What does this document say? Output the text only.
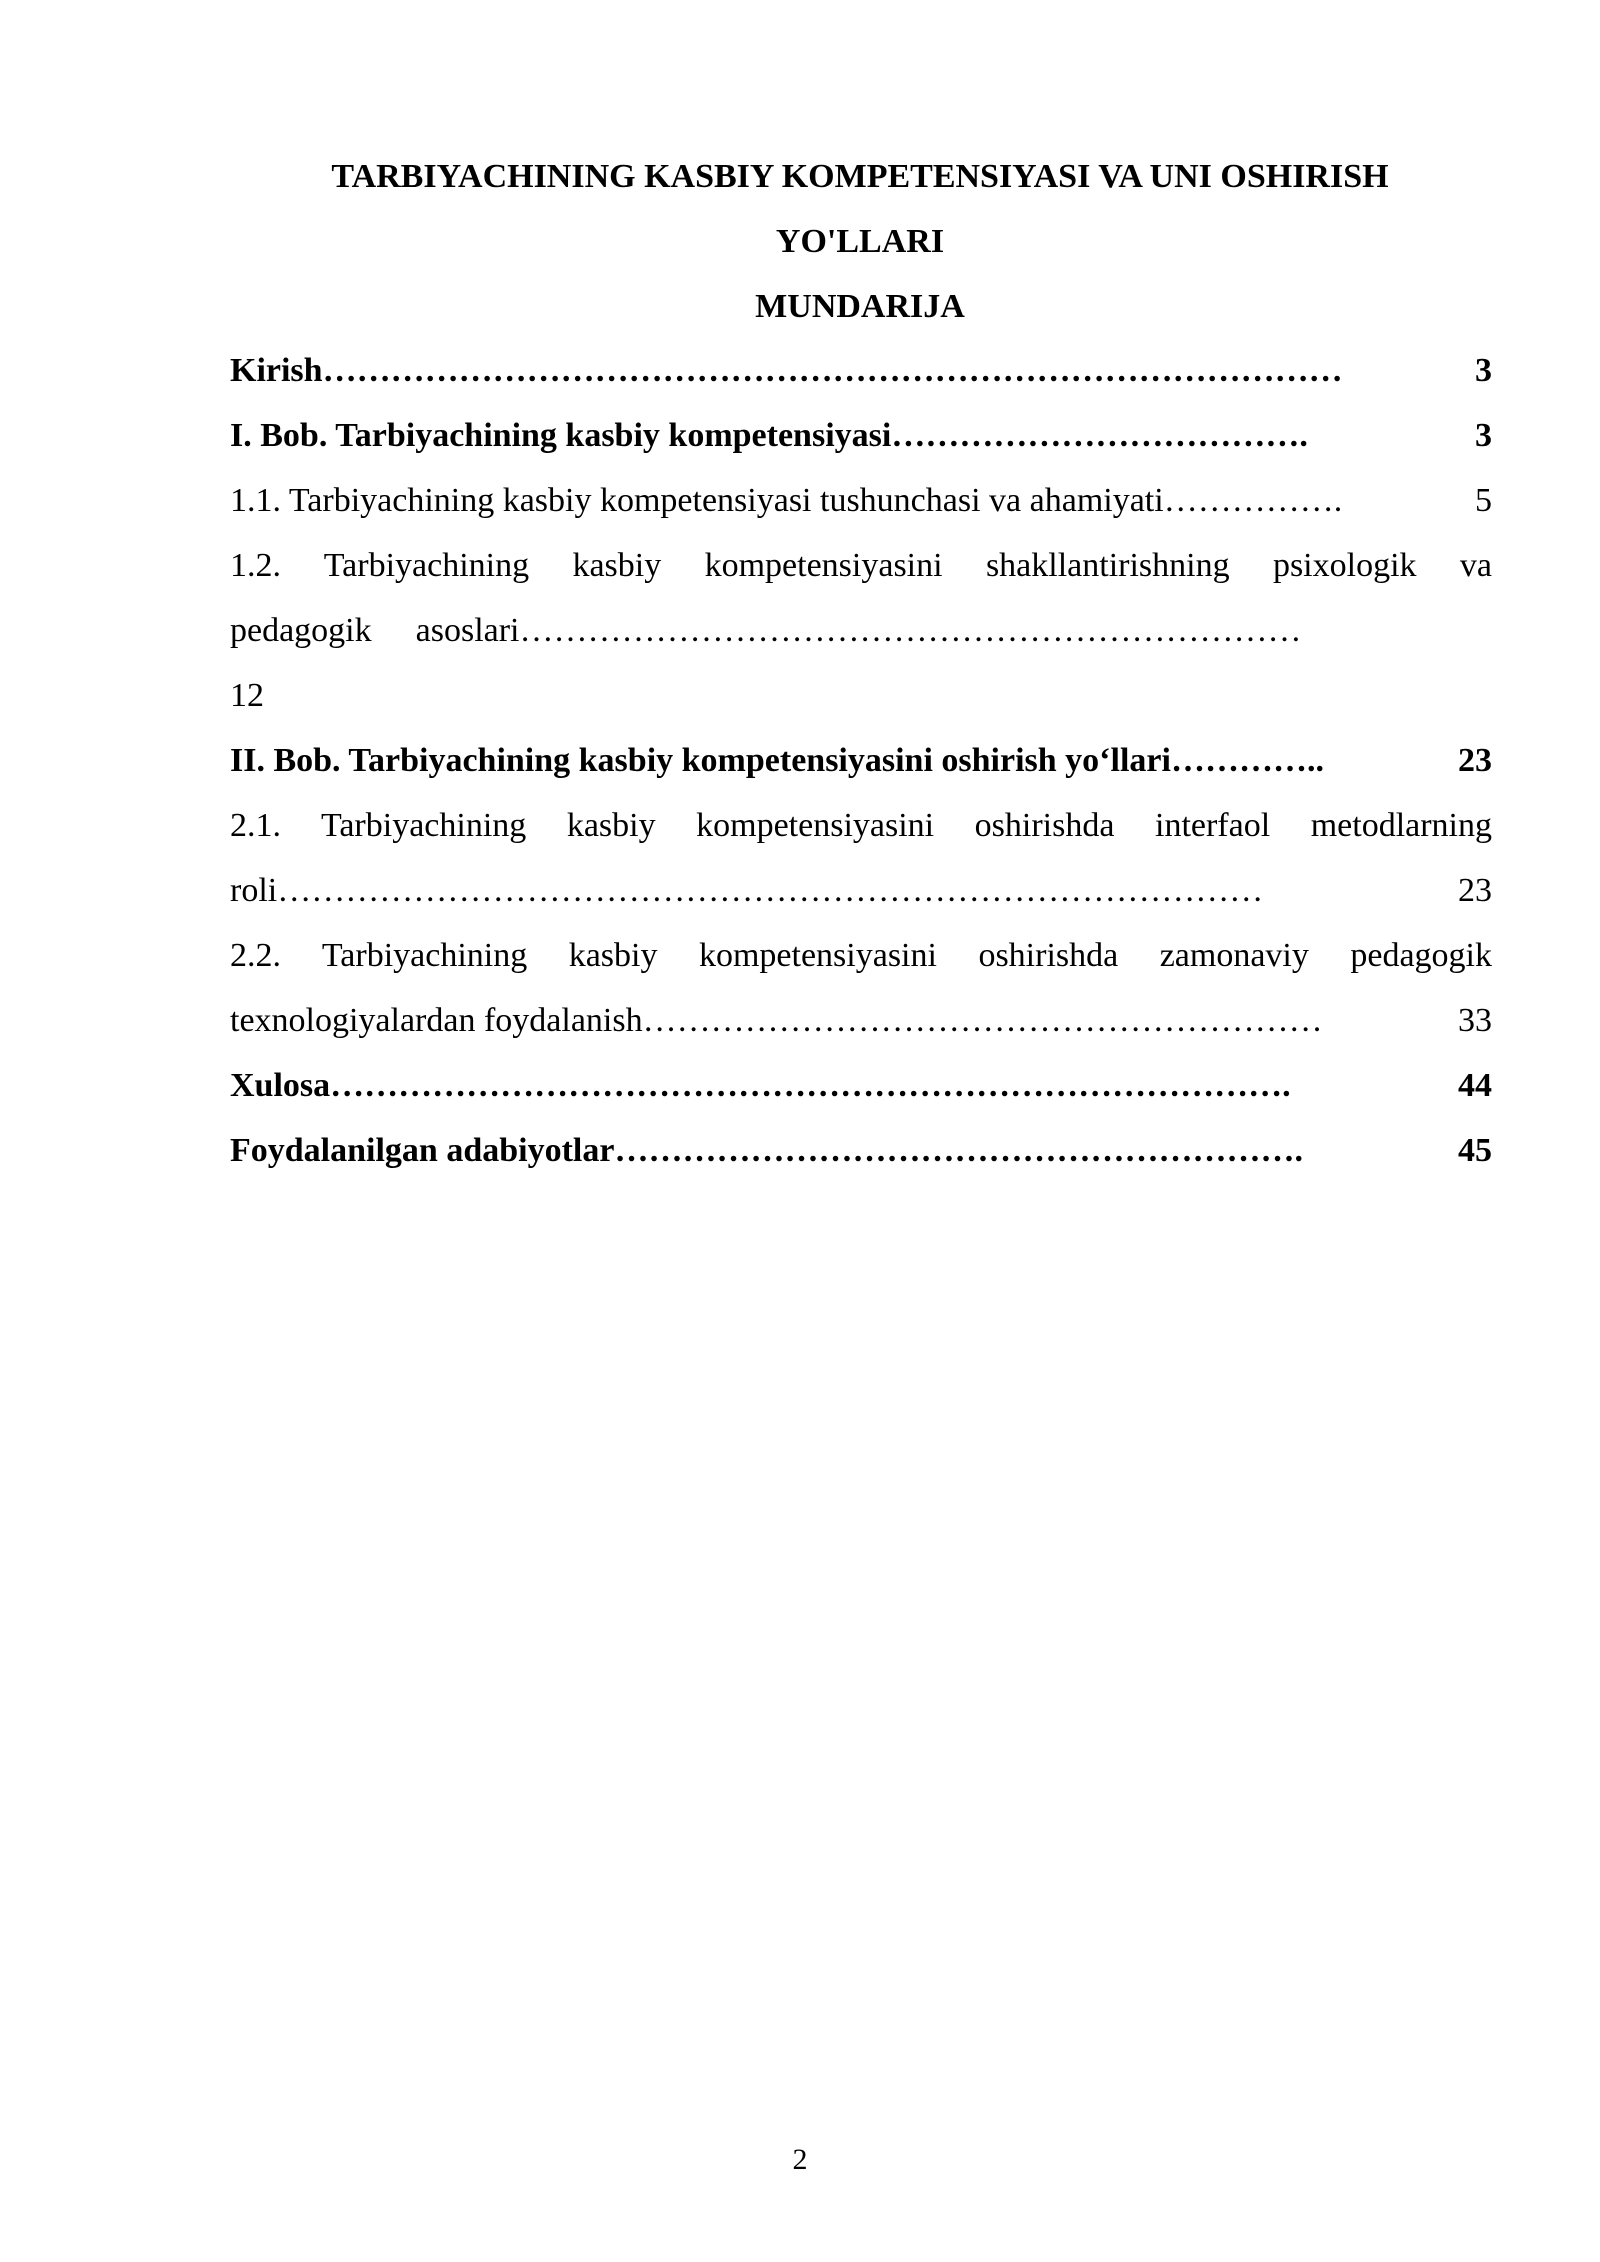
TARBIYACHINING KASBIY KOMPETENSIYASI VA UNI OSHIRISH
YO'LLARI
MUNDARIJA
Kirish ………………………………………………………………………………	3
I. Bob. Tarbiyachining kasbiy kompetensiyasi ……………………………….	3
1.1. Tarbiyachining kasbiy kompetensiyasi tushunchasi va ahamiyati …………….	5
1.2. Tarbiyachining kasbiy kompetensiyasini shakllantirishning psixologik va
pedagogik asoslari ……………………………………………………………
12
II. Bob. Tarbiyachining kasbiy kompetensiyasini oshirish yo‘llari …………..	23
2.1. Tarbiyachining kasbiy kompetensiyasini oshirishda interfaol metodlarning
roli ……………………………………………………………………………	23
2.2. Tarbiyachining kasbiy kompetensiyasini oshirishda zamonaviy pedagogik
texnologiyalardan foydalanish ……………………………………………………	33
Xulosa ………………………………………………………………………….	44
Foydalanilgan adabiyotlar …………………………………………………….	45
2
